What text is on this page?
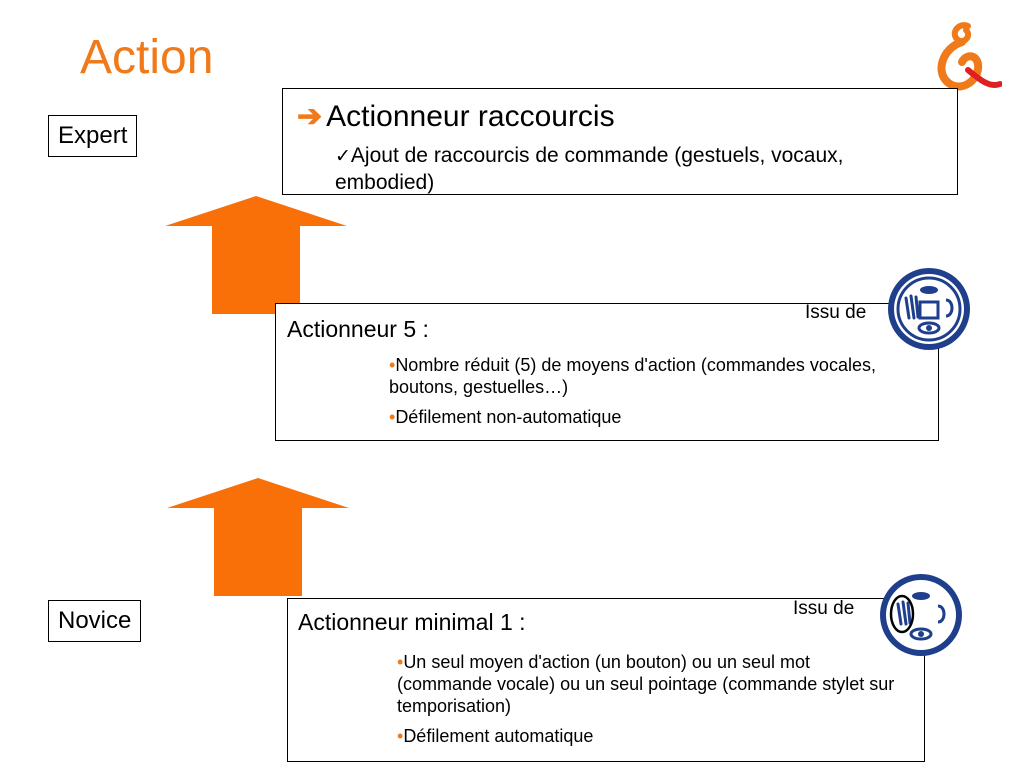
Action
Expert
Novice
➔ Actionneur raccourcis
✓Ajout de raccourcis de commande (gestuels, vocaux, embodied)
Actionneur 5 :
•Nombre réduit (5) de moyens d'action (commandes vocales, boutons, gestuelles…)
•Défilement non-automatique
Issu de
Actionneur minimal 1 :
•Un seul moyen d'action (un bouton) ou un seul mot (commande vocale) ou un seul pointage (commande stylet sur temporisation)
•Défilement automatique
Issu de
